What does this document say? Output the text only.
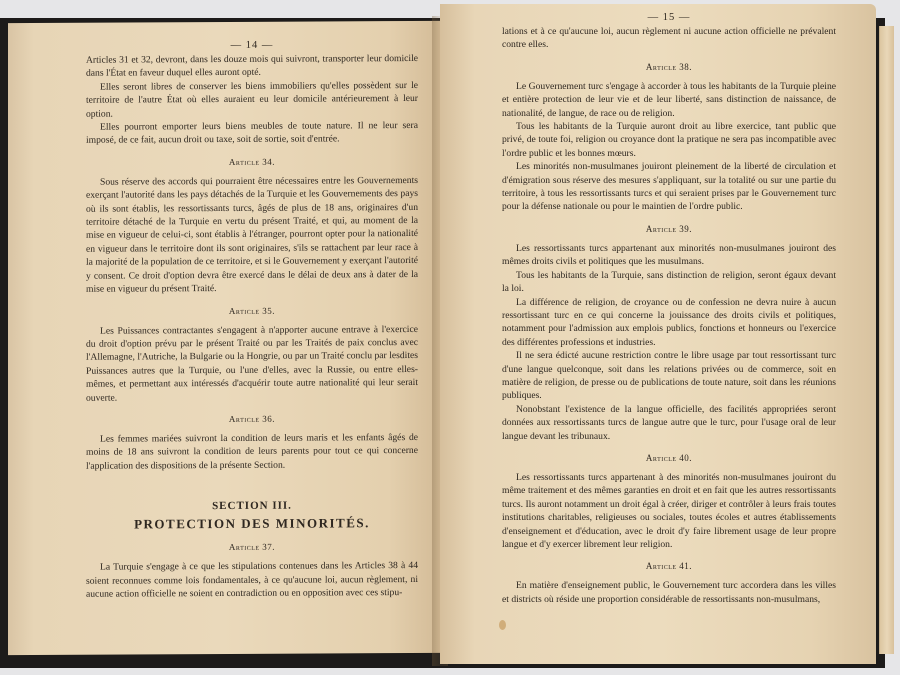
— 14 —

Articles 31 et 32, devront, dans les douze mois qui suivront, transporter leur domicile dans l'État en faveur duquel elles auront opté.

Elles seront libres de conserver les biens immobiliers qu'elles possèdent sur le territoire de l'autre État où elles auraient eu leur domicile antérieurement à leur option.

Elles pourront emporter leurs biens meubles de toute nature. Il ne leur sera imposé, de ce fait, aucun droit ou taxe, soit de sortie, soit d'entrée.

Article 34.

Sous réserve des accords qui pourraient être nécessaires entre les Gouvernements exerçant l'autorité dans les pays détachés de la Turquie et les Gouvernements des pays où ils sont établis, les ressortissants turcs, âgés de plus de 18 ans, originaires d'un territoire détaché de la Turquie en vertu du présent Traité, et qui, au moment de la mise en vigueur de celui-ci, sont établis à l'étranger, pourront opter pour la nationalité en vigueur dans le territoire dont ils sont originaires, s'ils se rattachent par leur race à la majorité de la population de ce territoire, et si le Gouvernement y exerçant l'autorité y consent. Ce droit d'option devra être exercé dans le délai de deux ans à dater de la mise en vigueur du présent Traité.

Article 35.

Les Puissances contractantes s'engagent à n'apporter aucune entrave à l'exercice du droit d'option prévu par le présent Traité ou par les Traités de paix conclus avec l'Allemagne, l'Autriche, la Bulgarie ou la Hongrie, ou par un Traité conclu par lesdites Puissances autres que la Turquie, ou l'une d'elles, avec la Russie, ou entre elles-mêmes, et permettant aux intéressés d'acquérir toute autre nationalité qui leur serait ouverte.

Article 36.

Les femmes mariées suivront la condition de leurs maris et les enfants âgés de moins de 18 ans suivront la condition de leurs parents pour tout ce qui concerne l'application des dispositions de la présente Section.

SECTION III.
PROTECTION DES MINORITÉS.
Article 37.

La Turquie s'engage à ce que les stipulations contenues dans les Articles 38 à 44 soient reconnues comme lois fondamentales, à ce qu'aucune loi, aucun règlement, ni aucune action officielle ne soient en contradiction ou en opposition avec ces stipu-

— 15 —

lations et à ce qu'aucune loi, aucun règlement ni aucune action officielle ne prévalent contre elles.

Article 38.

Le Gouvernement turc s'engage à accorder à tous les habitants de la Turquie pleine et entière protection de leur vie et de leur liberté, sans distinction de naissance, de nationalité, de langue, de race ou de religion.

Tous les habitants de la Turquie auront droit au libre exercice, tant public que privé, de toute foi, religion ou croyance dont la pratique ne sera pas incompatible avec l'ordre public et les bonnes mœurs.

Les minorités non-musulmanes jouiront pleinement de la liberté de circulation et d'émigration sous réserve des mesures s'appliquant, sur la totalité ou sur une partie du territoire, à tous les ressortissants turcs et qui seraient prises par le Gouvernement turc pour la défense nationale ou pour le maintien de l'ordre public.

Article 39.

Les ressortissants turcs appartenant aux minorités non-musulmanes jouiront des mêmes droits civils et politiques que les musulmans.

Tous les habitants de la Turquie, sans distinction de religion, seront égaux devant la loi.

La différence de religion, de croyance ou de confession ne devra nuire à aucun ressortissant turc en ce qui concerne la jouissance des droits civils et politiques, notamment pour l'admission aux emplois publics, fonctions et honneurs ou l'exercice des différentes professions et industries.

Il ne sera édicté aucune restriction contre le libre usage par tout ressortissant turc d'une langue quelconque, soit dans les relations privées ou de commerce, soit en matière de religion, de presse ou de publications de toute nature, soit dans les réunions publiques.

Nonobstant l'existence de la langue officielle, des facilités appropriées seront données aux ressortissants turcs de langue autre que le turc, pour l'usage oral de leur langue devant les tribunaux.

Article 40.

Les ressortissants turcs appartenant à des minorités non-musulmanes jouiront du même traitement et des mêmes garanties en droit et en fait que les autres ressortissants turcs. Ils auront notamment un droit égal à créer, diriger et contrôler à leurs frais toutes institutions charitables, religieuses ou sociales, toutes écoles et autres établissements d'enseignement et d'éducation, avec le droit d'y faire librement usage de leur propre langue et d'y exercer librement leur religion.

Article 41.

En matière d'enseignement public, le Gouvernement turc accordera dans les villes et districts où réside une proportion considérable de ressortissants non-musulmans,
